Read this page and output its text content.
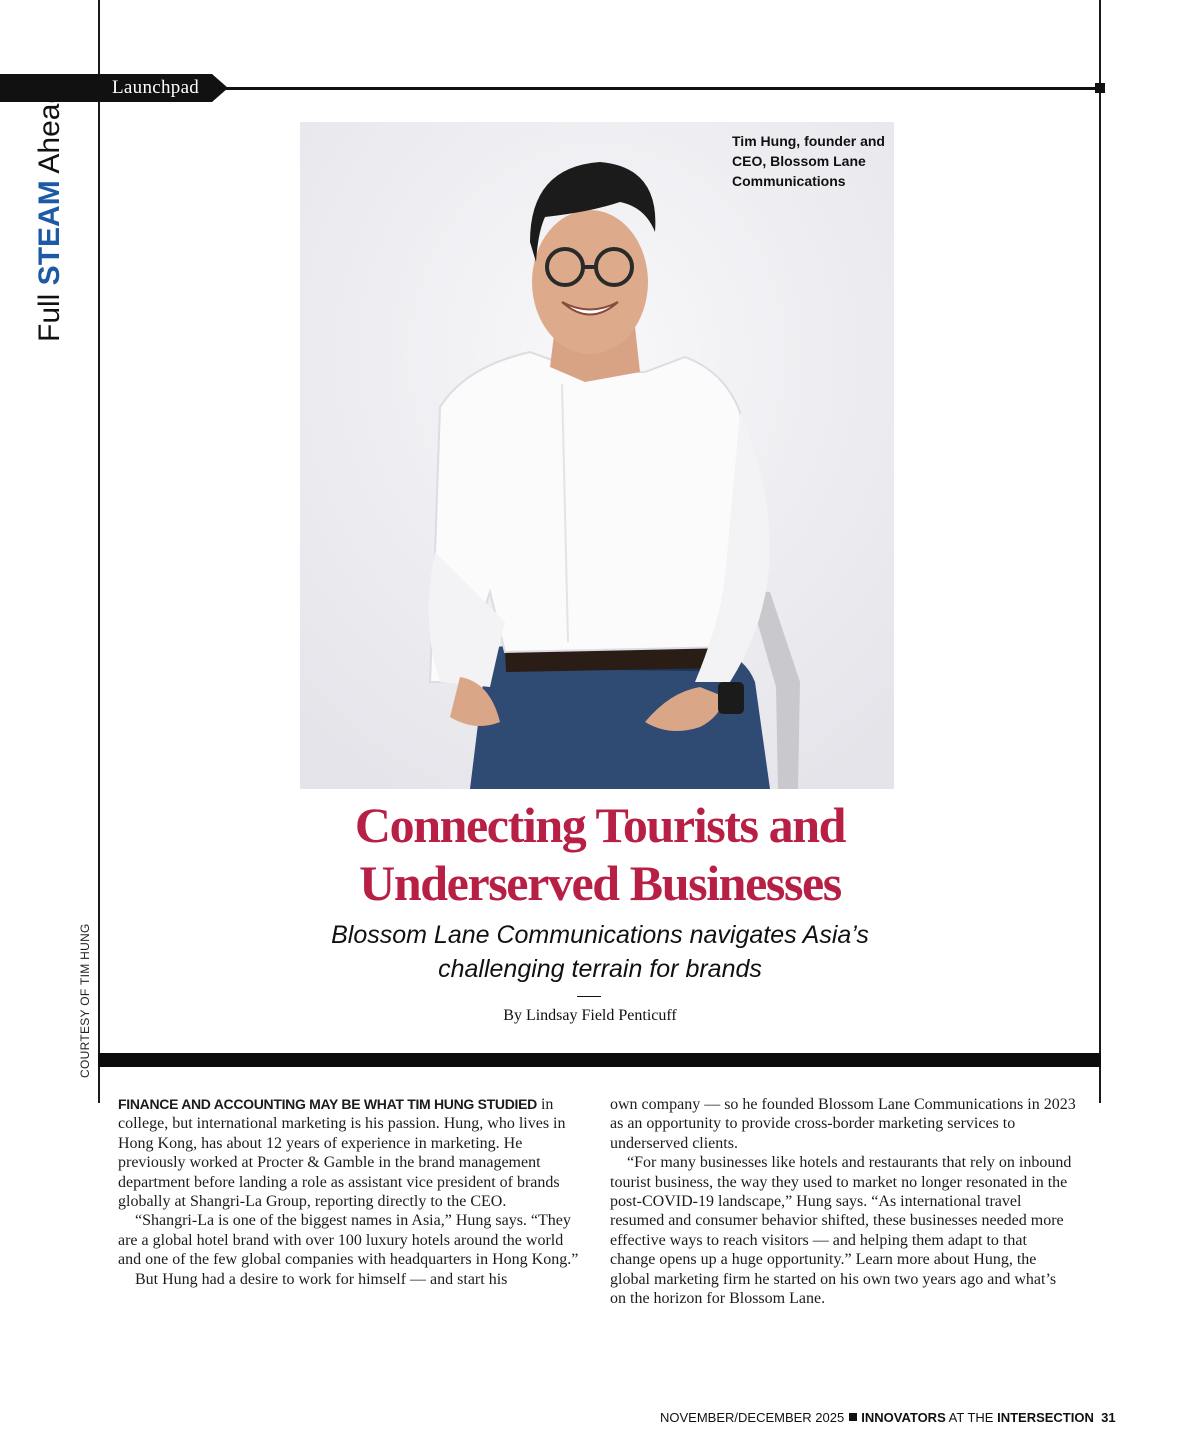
Launchpad
Full STEAM Ahead
COURTESY OF TIM HUNG
Tim Hung, founder and
CEO, Blossom Lane
Communications
Connecting Tourists and
Underserved Businesses
Blossom Lane Communications navigates Asia’s
challenging terrain for brands
By Lindsay Field Penticuff

FINANCE AND ACCOUNTING MAY BE WHAT TIM HUNG STUDIED in college, but international marketing is his passion. Hung, who lives in Hong Kong, has about 12 years of experience in marketing. He previously worked at Procter & Gamble in the brand management department before landing a role as assistant vice president of brands globally at Shangri-La Group, reporting directly to the CEO.

“Shangri-La is one of the biggest names in Asia,” Hung says. “They are a global hotel brand with over 100 luxury hotels around the world and one of the few global companies with headquarters in Hong Kong.”

But Hung had a desire to work for himself — and start his

own company — so he founded Blossom Lane Communications in 2023 as an opportunity to provide cross-border marketing services to underserved clients.

“For many businesses like hotels and restaurants that rely on inbound tourist business, the way they used to market no longer resonated in the post-COVID-19 landscape,” Hung says. “As international travel resumed and consumer behavior shifted, these businesses needed more effective ways to reach visitors — and helping them adapt to that change opens up a huge opportunity.” Learn more about Hung, the global marketing firm he started on his own two years ago and what’s on the horizon for Blossom Lane.

NOVEMBER/DECEMBER 2025 INNOVATORS AT THE INTERSECTION 31
